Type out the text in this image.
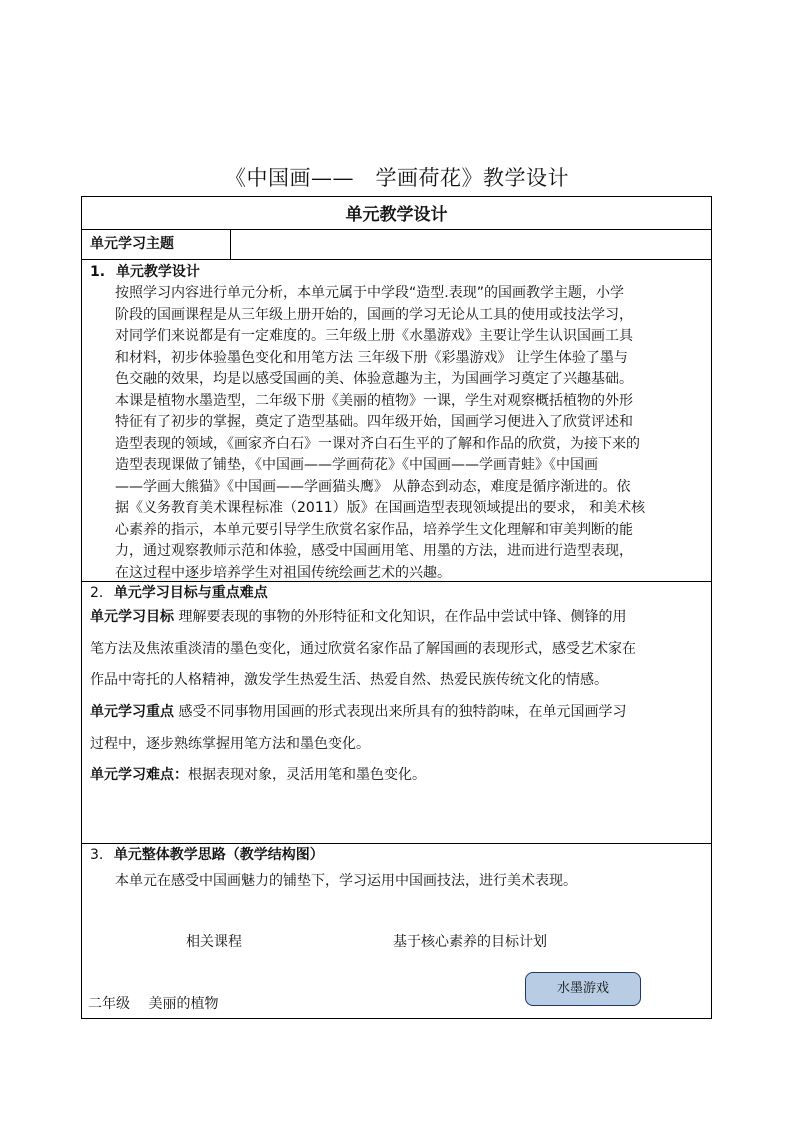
《中国画——　学画荷花》教学设计
单元教学设计
单元学习主题
1. 单元教学设计
按照学习内容进行单元分析，本单元属于中学段“造型.表现”的国画教学主题，小学
阶段的国画课程是从三年级上册开始的，国画的学习无论从工具的使用或技法学习，
对同学们来说都是有一定难度的。三年级上册《水墨游戏》主要让学生认识国画工具
和材料，初步体验墨色变化和用笔方法 三年级下册《彩墨游戏》 让学生体验了墨与
色交融的效果，均是以感受国画的美、体验意趣为主，为国画学习奠定了兴趣基础。
本课是植物水墨造型，二年级下册《美丽的植物》一课，学生对观察概括植物的外形
特征有了初步的掌握，奠定了造型基础。四年级开始，国画学习便进入了欣赏评述和
造型表现的领域，《画家齐白石》一课对齐白石生平的了解和作品的欣赏，为接下来的
造型表现课做了铺垫，《中国画——学画荷花》《中国画——学画青蛙》《中国画
——学画大熊猫》《中国画——学画猫头鹰》 从静态到动态，难度是循序渐进的。依
据《义务教育美术课程标准（2011）版》在国画造型表现领域提出的要求， 和美术核
心素养的指示，本单元要引导学生欣赏名家作品，培养学生文化理解和审美判断的能
力，通过观察教师示范和体验，感受中国画用笔、用墨的方法，进而进行造型表现，
在这过程中逐步培养学生对祖国传统绘画艺术的兴趣。
2. 单元学习目标与重点难点
单元学习目标 理解要表现的事物的外形特征和文化知识，在作品中尝试中锋、侧锋的用
笔方法及焦浓重淡清的墨色变化，通过欣赏名家作品了解国画的表现形式，感受艺术家在
作品中寄托的人格精神，激发学生热爱生活、热爱自然、热爱民族传统文化的情感。
单元学习重点 感受不同事物用国画的形式表现出来所具有的独特韵味，在单元国画学习
过程中，逐步熟练掌握用笔方法和墨色变化。
单元学习难点：根据表现对象，灵活用笔和墨色变化。
3. 单元整体教学思路（教学结构图）
本单元在感受中国画魅力的铺垫下，学习运用中国画技法，进行美术表现。
相关课程	基于核心素养的目标计划
二年级 美丽的植物
水墨游戏
